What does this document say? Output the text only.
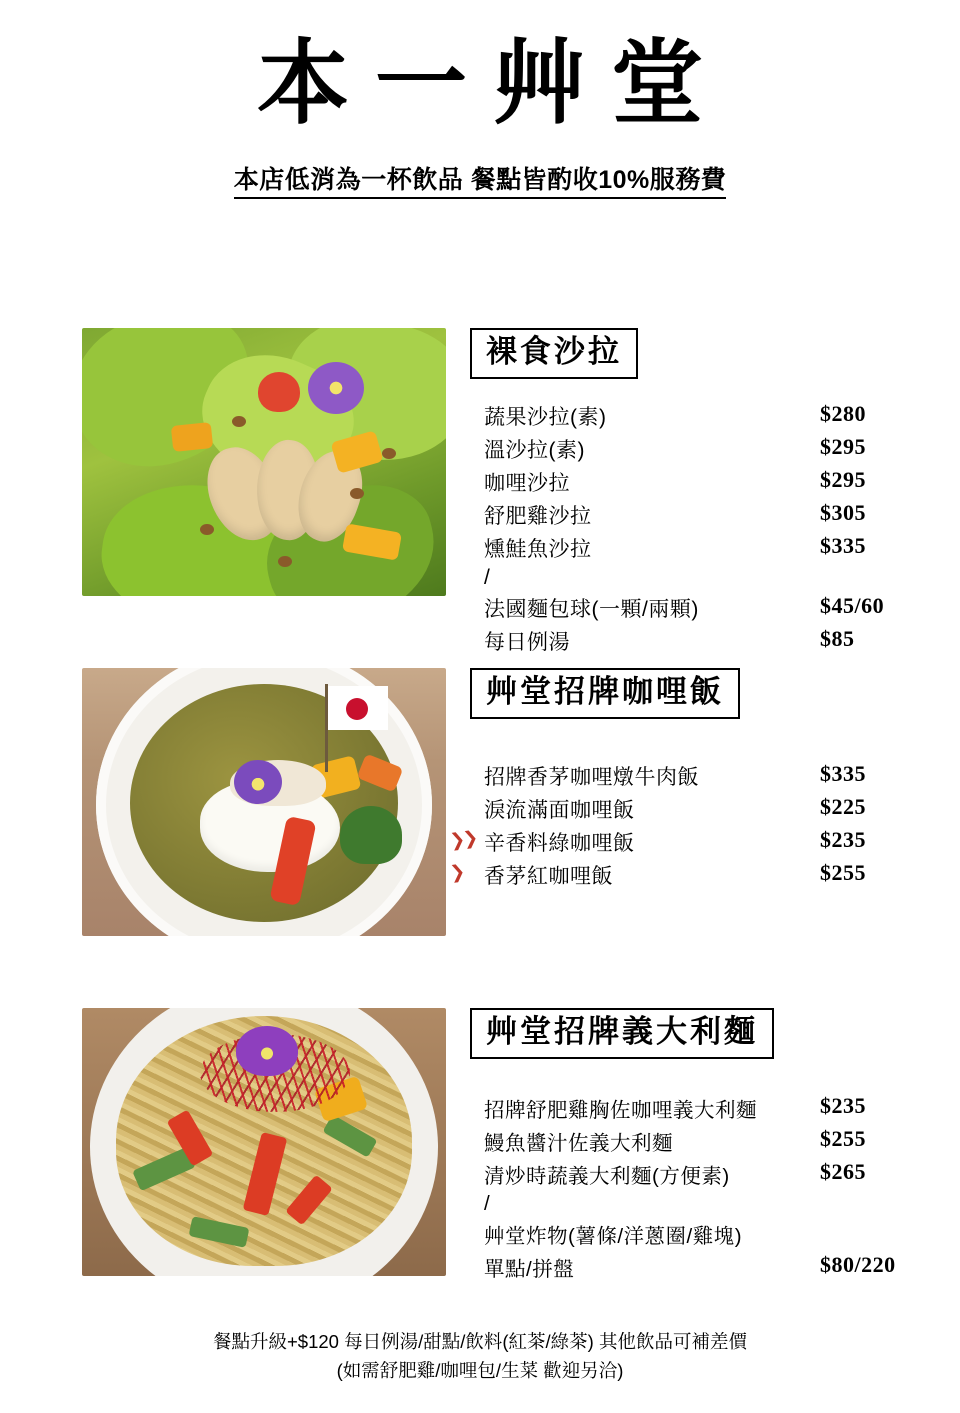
本一艸堂
本店低消為一杯飲品 餐點皆酌收10%服務費
裸食沙拉
蔬果沙拉(素)	$280
溫沙拉(素)	$295
咖哩沙拉	$295
舒肥雞沙拉	$305
燻鮭魚沙拉	$335
/
法國麵包球(一顆/兩顆)	$45/60
每日例湯	$85
艸堂招牌咖哩飯
招牌香茅咖哩燉牛肉飯	$335
淚流滿面咖哩飯	$225
❯❯ 辛香料綠咖哩飯	$235
❯ 香茅紅咖哩飯	$255
艸堂招牌義大利麵
招牌舒肥雞胸佐咖哩義大利麵	$235
鰻魚醬汁佐義大利麵	$255
清炒時蔬義大利麵(方便素)	$265
/
艸堂炸物(薯條/洋蔥圈/雞塊)
單點/拼盤	$80/220
餐點升級+$120 每日例湯/甜點/飲料(紅茶/綠茶) 其他飲品可補差價
(如需舒肥雞/咖哩包/生菜 歡迎另洽)
